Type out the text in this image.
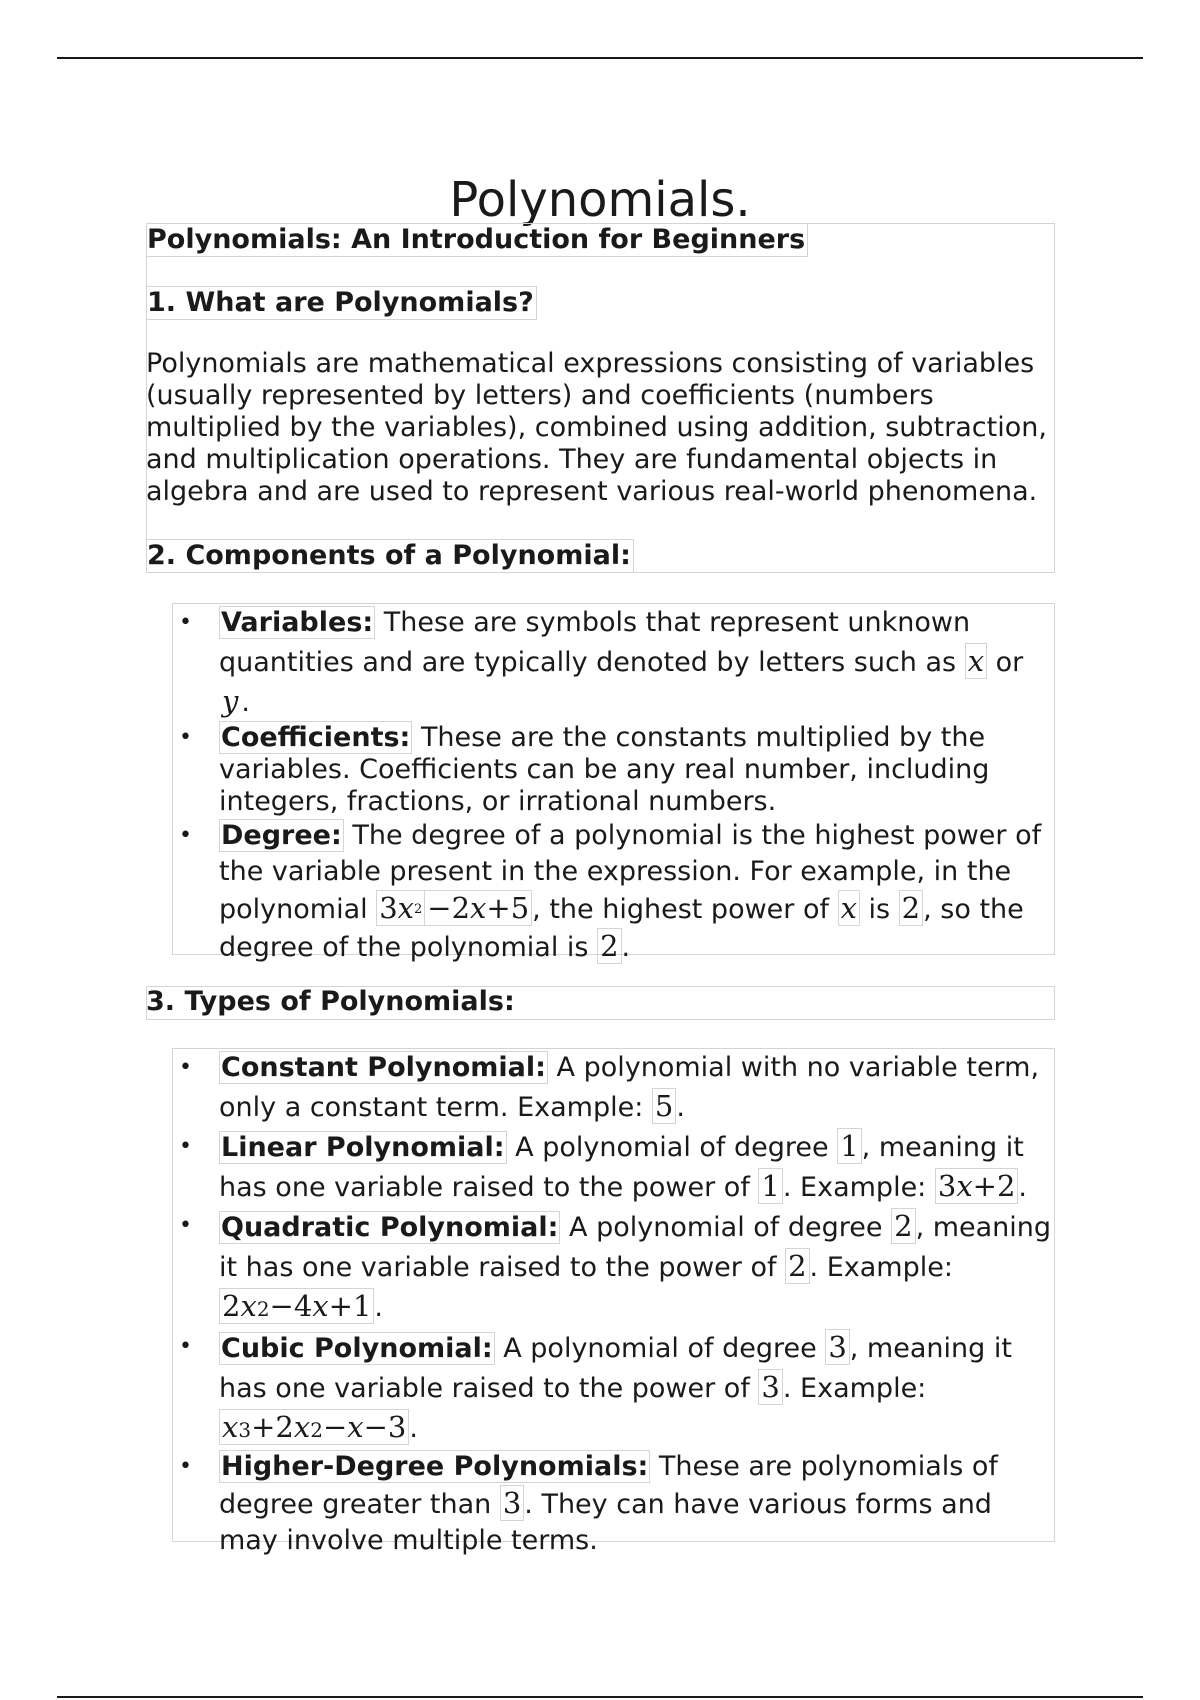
Polynomials.
Polynomials: An Introduction for Beginners
1. What are Polynomials?

Polynomials are mathematical expressions consisting of variables (usually represented by letters) and coefficients (numbers multiplied by the variables), combined using addition, subtraction, and multiplication operations. They are fundamental objects in algebra and are used to represent various real-world phenomena.

2. Components of a Polynomial:
• Variables: These are symbols that represent unknown quantities and are typically denoted by letters such as x or y .
• Coefficients: These are the constants multiplied by the variables. Coefficients can be any real number, including integers, fractions, or irrational numbers.
• Degree: The degree of a polynomial is the highest power of the variable present in the expression. For example, in the polynomial $3x^2 -2x+5$ , the highest power of x is 2 , so the degree of the polynomial is 2 .
3. Types of Polynomials:
• Constant Polynomial: A polynomial with no variable term, only a constant term. Example: 5 .
• Linear Polynomial: A polynomial of degree 1 , meaning it has one variable raised to the power of 1 . Example: 3x+2 .
• Quadratic Polynomial: A polynomial of degree 2 , meaning it has one variable raised to the power of 2 . Example: 2x2−4x+1 .
• Cubic Polynomial: A polynomial of degree 3 , meaning it has one variable raised to the power of 3 . Example: x3+2x2−x−3 .
• Higher-Degree Polynomials: These are polynomials of degree greater than 3 . They can have various forms and may involve multiple terms.
